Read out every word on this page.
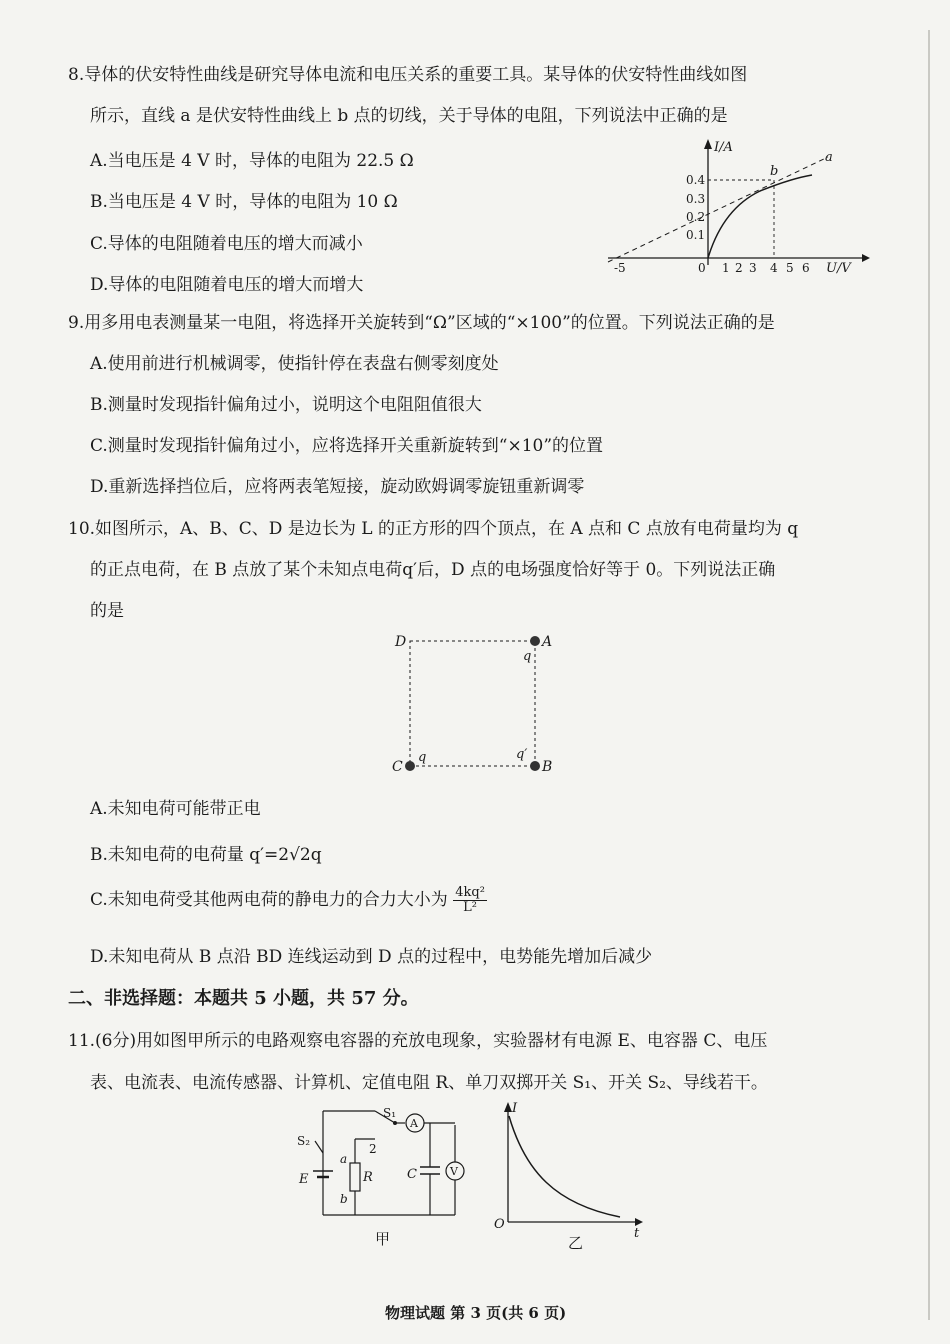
8.导体的伏安特性曲线是研究导体电流和电压关系的重要工具。某导体的伏安特性曲线如图
所示，直线 a 是伏安特性曲线上 b 点的切线，关于导体的电阻，下列说法中正确的是
A.当电压是 4 V 时，导体的电阻为 22.5 Ω
B.当电压是 4 V 时，导体的电阻为 10 Ω
C.导体的电阻随着电压的增大而减小
D.导体的电阻随着电压的增大而增大
I/A
U/V
a
b
0.4
0.3
0.2
0.1
0
-5	1 2 3 4 5 6
9.用多用电表测量某一电阻，将选择开关旋转到“Ω”区域的“×100”的位置。下列说法正确的是
A.使用前进行机械调零，使指针停在表盘右侧零刻度处
B.测量时发现指针偏角过小，说明这个电阻阻值很大
C.测量时发现指针偏角过小，应将选择开关重新旋转到“×10”的位置
D.重新选择挡位后，应将两表笔短接，旋动欧姆调零旋钮重新调零
10.如图所示，A、B、C、D 是边长为 L 的正方形的四个顶点，在 A 点和 C 点放有电荷量均为 q
的正点电荷，在 B 点放了某个未知点电荷q′后，D 点的电场强度恰好等于 0。下列说法正确
的是
D	A
B
C
q
q	q′
A.未知电荷可能带正电
B.未知电荷的电荷量 q′=2√2q
C.未知电荷受其他两电荷的静电力的合力大小为 $\frac{\text{4kq²}}{\text{L²}}$
D.未知电荷从 B 点沿 BD 连线运动到 D 点的过程中，电势能先增加后减少
二、非选择题：本题共 5 小题，共 57 分。
11.(6分)用如图甲所示的电路观察电容器的充放电现象，实验器材有电源 E、电容器 C、电压
表、电流表、电流传感器、计算机、定值电阻 R、单刀双掷开关 S₁、开关 S₂、导线若干。
A
V
S₁
S₂
E	R	C
a
b
2
甲
I
t
O
乙
物理试题 第 3 页(共 6 页)
